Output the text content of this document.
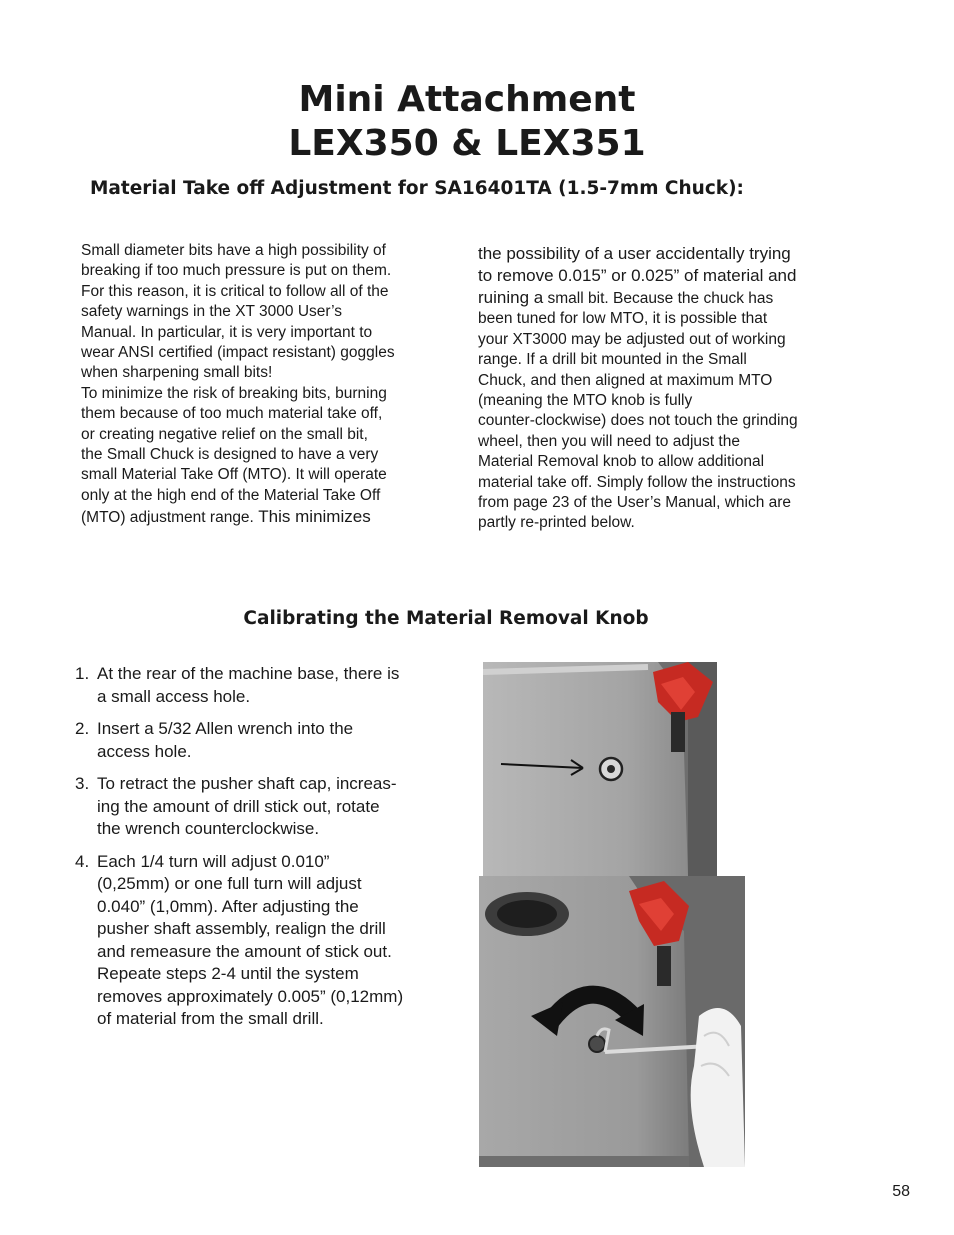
Mini Attachment
LEX350 & LEX351
Material Take off Adjustment for SA16401TA (1.5-7mm Chuck):

Small diameter bits have a high possibility of

breaking if too much pressure is put on them.

For this reason, it is critical to follow all of the

safety warnings in the XT 3000 User’s

Manual. In particular, it is very important to

wear ANSI certified (impact resistant) goggles

when sharpening small bits!

To minimize the risk of breaking bits, burning

them because of too much material take off,

or creating negative relief on the small bit,

the Small Chuck is designed to have a very

small Material Take Off (MTO). It will operate

only at the high end of the Material Take Off

(MTO) adjustment range. This minimizes

the possibility of a user accidentally trying

to remove 0.015” or 0.025” of material and

ruining a small bit. Because the chuck has

been tuned for low MTO, it is possible that

your XT3000 may be adjusted out of working

range. If a drill bit mounted in the Small

Chuck, and then aligned at maximum MTO

(meaning the MTO knob is fully

counter-clockwise) does not touch the grinding

wheel, then you will need to adjust the

Material Removal knob to allow additional

material take off. Simply follow the instructions

from page 23 of the User’s Manual, which are

partly re-printed below.

Calibrating the Material Removal Knob
1. At the rear of the machine base, there is
a small access hole.
2. Insert a 5/32 Allen wrench into the
access hole.
3. To retract the pusher shaft cap, increas-
ing the amount of drill stick out, rotate
the wrench counterclockwise.
4. Each 1/4 turn will adjust 0.010”
(0,25mm) or one full turn will adjust
0.040” (1,0mm). After adjusting the
pusher shaft assembly, realign the drill
and remeasure the amount of stick out.
Repeate steps 2-4 until the system
removes approximately 0.005” (0,12mm)
of material from the small drill.
58
